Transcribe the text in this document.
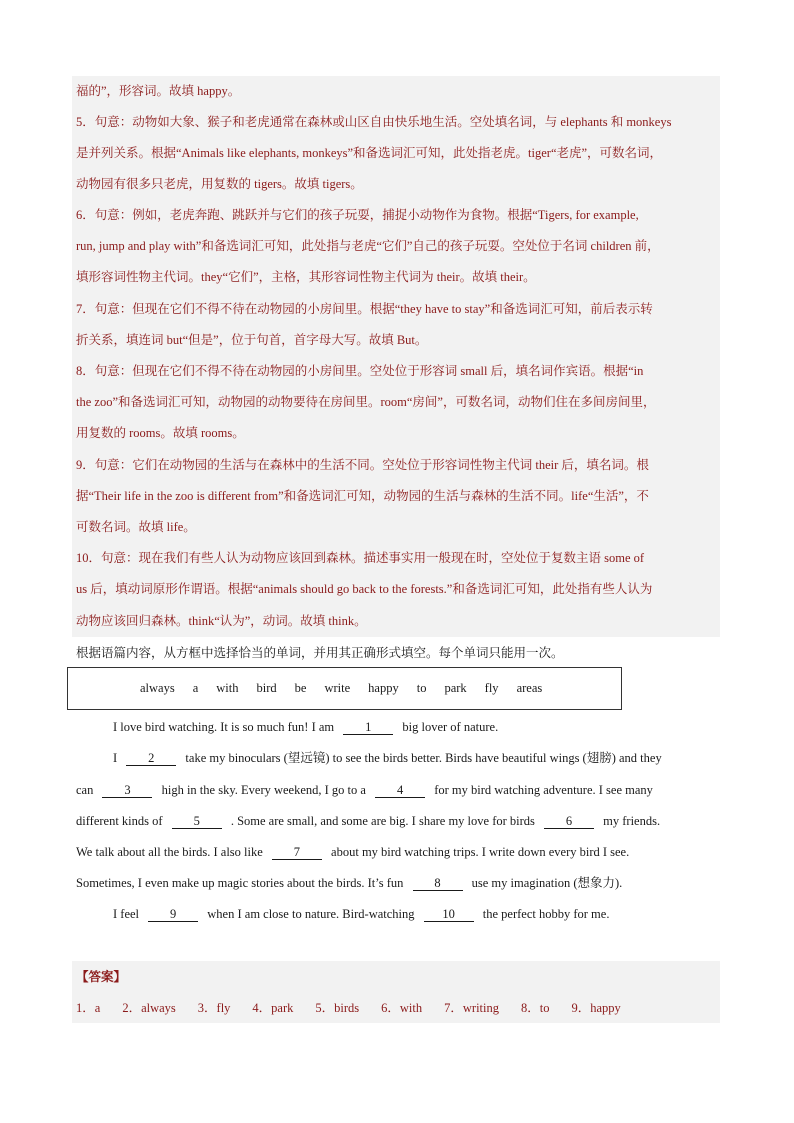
福的”，形容词。故填 happy。
5．句意：动物如大象、猴子和老虎通常在森林或山区自由快乐地生活。空处填名词，与 elephants 和 monkeys
是并列关系。根据“Animals like elephants, monkeys”和备选词汇可知，此处指老虎。tiger“老虎”，可数名词，
动物园有很多只老虎，用复数的 tigers。故填 tigers。
6．句意：例如，老虎奔跑、跳跃并与它们的孩子玩耍，捕捉小动物作为食物。根据“Tigers, for example,
run, jump and play with”和备选词汇可知，此处指与老虎“它们”自己的孩子玩耍。空处位于名词 children 前，
填形容词性物主代词。they“它们”，主格，其形容词性物主代词为 their。故填 their。
7．句意：但现在它们不得不待在动物园的小房间里。根据“they have to stay”和备选词汇可知，前后表示转
折关系，填连词 but“但是”，位于句首，首字母大写。故填 But。
8．句意：但现在它们不得不待在动物园的小房间里。空处位于形容词 small 后，填名词作宾语。根据“in
the zoo”和备选词汇可知，动物园的动物要待在房间里。room“房间”，可数名词，动物们住在多间房间里，
用复数的 rooms。故填 rooms。
9．句意：它们在动物园的生活与在森林中的生活不同。空处位于形容词性物主代词 their 后，填名词。根
据“Their life in the zoo is different from”和备选词汇可知，动物园的生活与森林的生活不同。life“生活”，不
可数名词。故填 life。
10．句意：现在我们有些人认为动物应该回到森林。描述事实用一般现在时，空处位于复数主语 some of
us 后，填动词原形作谓语。根据“animals should go back to the forests.”和备选词汇可知，此处指有些人认为
动物应该回归森林。think“认为”，动词。故填 think。
根据语篇内容，从方框中选择恰当的单词，并用其正确形式填空。每个单词只能用一次。
always a with bird be write happy to park fly areas
I love bird watching. It is so much fun! I am 1 big lover of nature.
I 2 take my binoculars (望远镜) to see the birds better. Birds have beautiful wings (翅膀) and they
can 3 high in the sky. Every weekend, I go to a 4 for my bird watching adventure. I see many
different kinds of 5 . Some are small, and some are big. I share my love for birds 6 my friends.
We talk about all the birds. I also like 7 about my bird watching trips. I write down every bird I see.
Sometimes, I even make up magic stories about the birds. It’s fun 8 use my imagination (想象力).
I feel 9 when I am close to nature. Bird-watching 10 the perfect hobby for me.
【答案】
1．a 2．always 3．fly 4．park 5．birds 6．with 7．writing 8．to 9．happy
